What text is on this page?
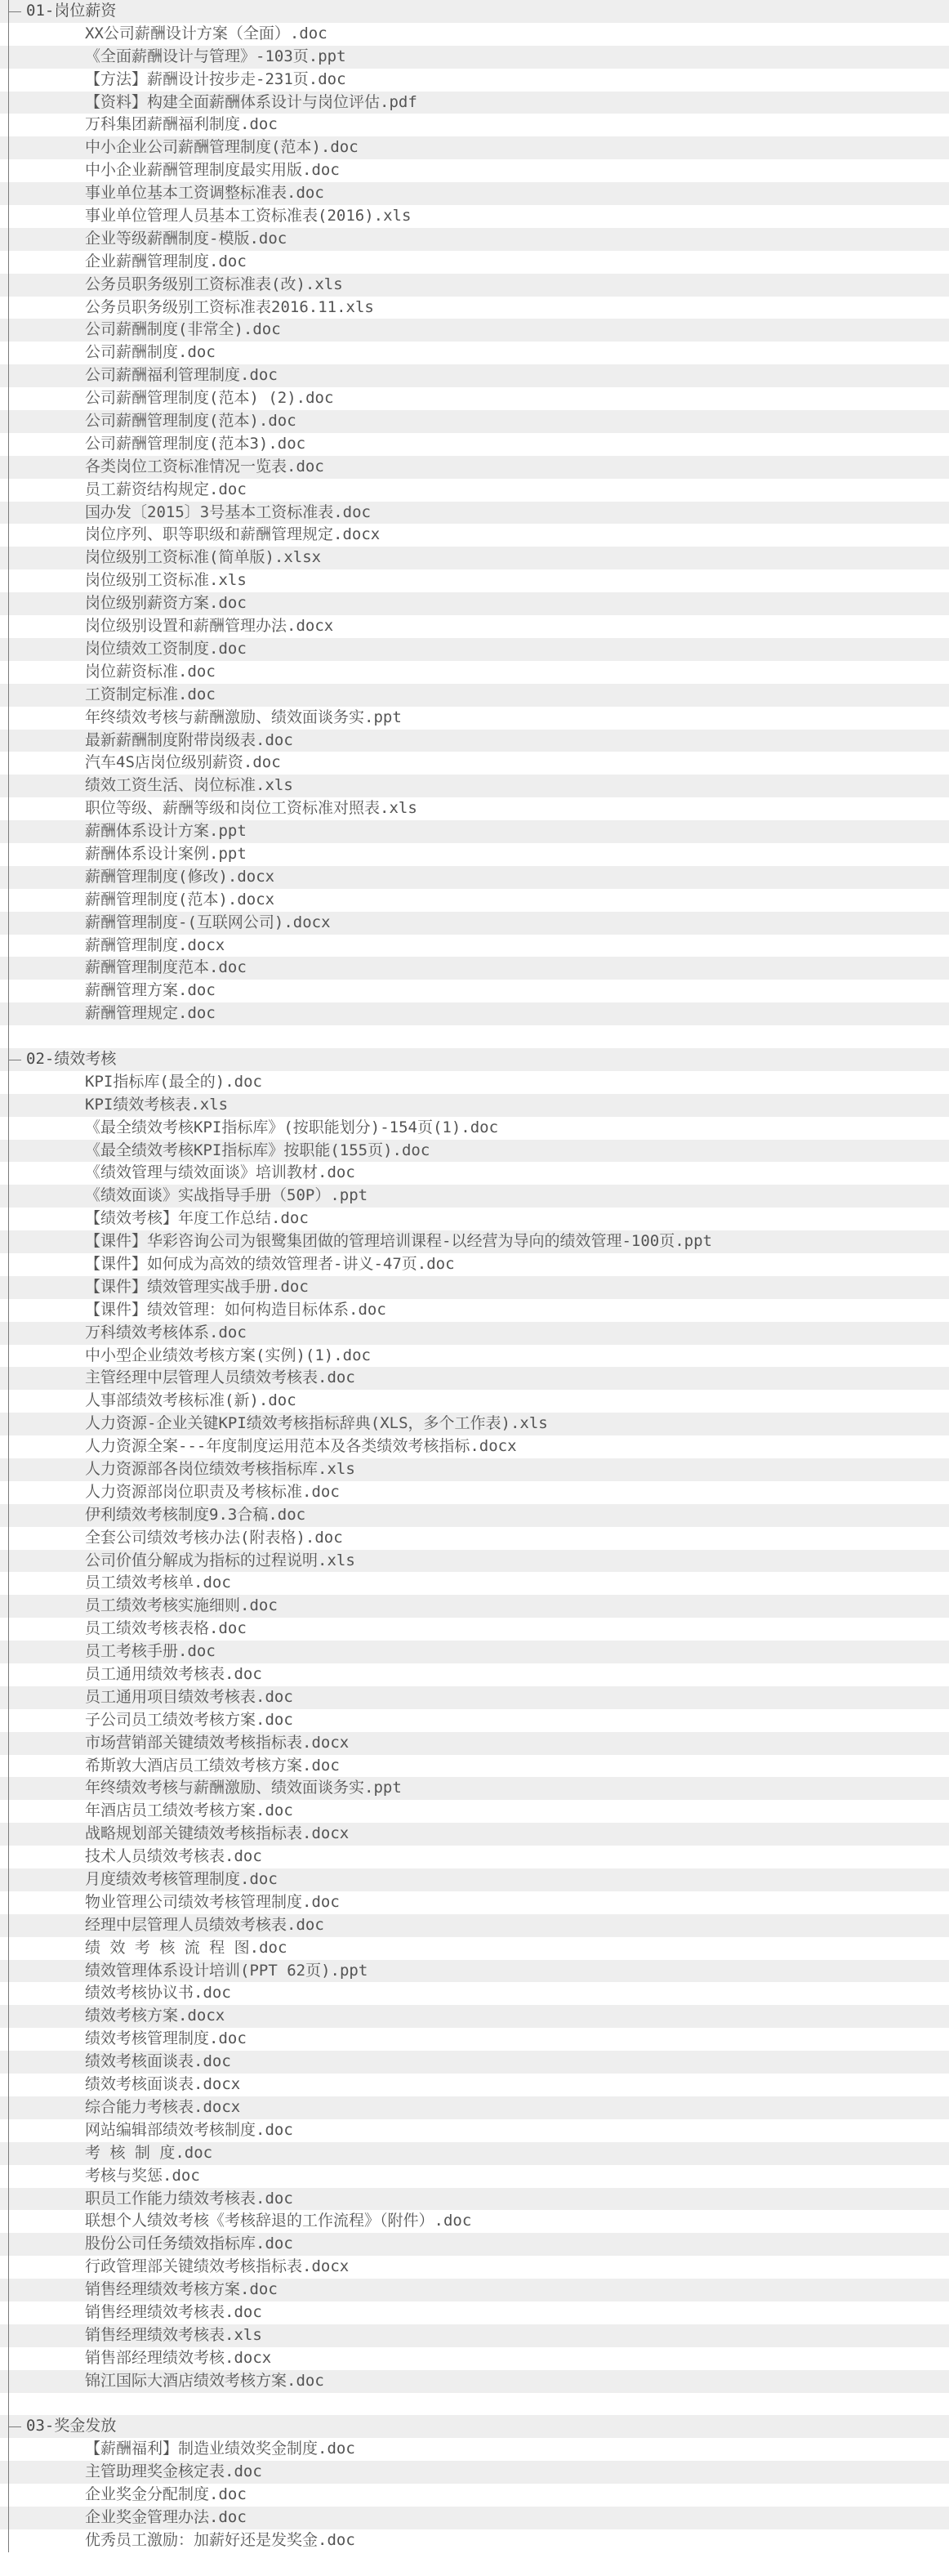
01-岗位薪资
XX公司薪酬设计方案（全面）.doc
《全面薪酬设计与管理》-103页.ppt
【方法】薪酬设计按步走-231页.doc
【资料】构建全面薪酬体系设计与岗位评估.pdf
万科集团薪酬福利制度.doc
中小企业公司薪酬管理制度(范本).doc
中小企业薪酬管理制度最实用版.doc
事业单位基本工资调整标准表.doc
事业单位管理人员基本工资标准表(2016).xls
企业等级薪酬制度-模版.doc
企业薪酬管理制度.doc
公务员职务级别工资标准表(改).xls
公务员职务级别工资标准表2016.11.xls
公司薪酬制度(非常全).doc
公司薪酬制度.doc
公司薪酬福利管理制度.doc
公司薪酬管理制度(范本) (2).doc
公司薪酬管理制度(范本).doc
公司薪酬管理制度(范本3).doc
各类岗位工资标准情况一览表.doc
员工薪资结构规定.doc
国办发〔2015〕3号基本工资标准表.doc
岗位序列、职等职级和薪酬管理规定.docx
岗位级别工资标准(简单版).xlsx
岗位级别工资标准.xls
岗位级别薪资方案.doc
岗位级别设置和薪酬管理办法.docx
岗位绩效工资制度.doc
岗位薪资标准.doc
工资制定标准.doc
年终绩效考核与薪酬激励、绩效面谈务实.ppt
最新薪酬制度附带岗级表.doc
汽车4S店岗位级别薪资.doc
绩效工资生活、岗位标准.xls
职位等级、薪酬等级和岗位工资标准对照表.xls
薪酬体系设计方案.ppt
薪酬体系设计案例.ppt
薪酬管理制度(修改).docx
薪酬管理制度(范本).docx
薪酬管理制度-(互联网公司).docx
薪酬管理制度.docx
薪酬管理制度范本.doc
薪酬管理方案.doc
薪酬管理规定.doc
02-绩效考核
KPI指标库(最全的).doc
KPI绩效考核表.xls
《最全绩效考核KPI指标库》(按职能划分)-154页(1).doc
《最全绩效考核KPI指标库》按职能(155页).doc
《绩效管理与绩效面谈》培训教材.doc
《绩效面谈》实战指导手册（50P）.ppt
【绩效考核】年度工作总结.doc
【课件】华彩咨询公司为银鹭集团做的管理培训课程-以经营为导向的绩效管理-100页.ppt
【课件】如何成为高效的绩效管理者-讲义-47页.doc
【课件】绩效管理实战手册.doc
【课件】绩效管理：如何构造目标体系.doc
万科绩效考核体系.doc
中小型企业绩效考核方案(实例)(1).doc
主管经理中层管理人员绩效考核表.doc
人事部绩效考核标准(新).doc
人力资源-企业关键KPI绩效考核指标辞典(XLS，多个工作表).xls
人力资源全案---年度制度运用范本及各类绩效考核指标.docx
人力资源部各岗位绩效考核指标库.xls
人力资源部岗位职责及考核标准.doc
伊利绩效考核制度9.3合稿.doc
全套公司绩效考核办法(附表格).doc
公司价值分解成为指标的过程说明.xls
员工绩效考核单.doc
员工绩效考核实施细则.doc
员工绩效考核表格.doc
员工考核手册.doc
员工通用绩效考核表.doc
员工通用项目绩效考核表.doc
子公司员工绩效考核方案.doc
市场营销部关键绩效考核指标表.docx
希斯敦大酒店员工绩效考核方案.doc
年终绩效考核与薪酬激励、绩效面谈务实.ppt
年酒店员工绩效考核方案.doc
战略规划部关键绩效考核指标表.docx
技术人员绩效考核表.doc
月度绩效考核管理制度.doc
物业管理公司绩效考核管理制度.doc
经理中层管理人员绩效考核表.doc
绩 效 考 核 流 程 图.doc
绩效管理体系设计培训(PPT 62页).ppt
绩效考核协议书.doc
绩效考核方案.docx
绩效考核管理制度.doc
绩效考核面谈表.doc
绩效考核面谈表.docx
综合能力考核表.docx
网站编辑部绩效考核制度.doc
考 核 制 度.doc
考核与奖惩.doc
职员工作能力绩效考核表.doc
联想个人绩效考核《考核辞退的工作流程》（附件）.doc
股份公司任务绩效指标库.doc
行政管理部关键绩效考核指标表.docx
销售经理绩效考核方案.doc
销售经理绩效考核表.doc
销售经理绩效考核表.xls
销售部经理绩效考核.docx
锦江国际大酒店绩效考核方案.doc
03-奖金发放
【薪酬福利】制造业绩效奖金制度.doc
主管助理奖金核定表.doc
企业奖金分配制度.doc
企业奖金管理办法.doc
优秀员工激励：加薪好还是发奖金.doc
